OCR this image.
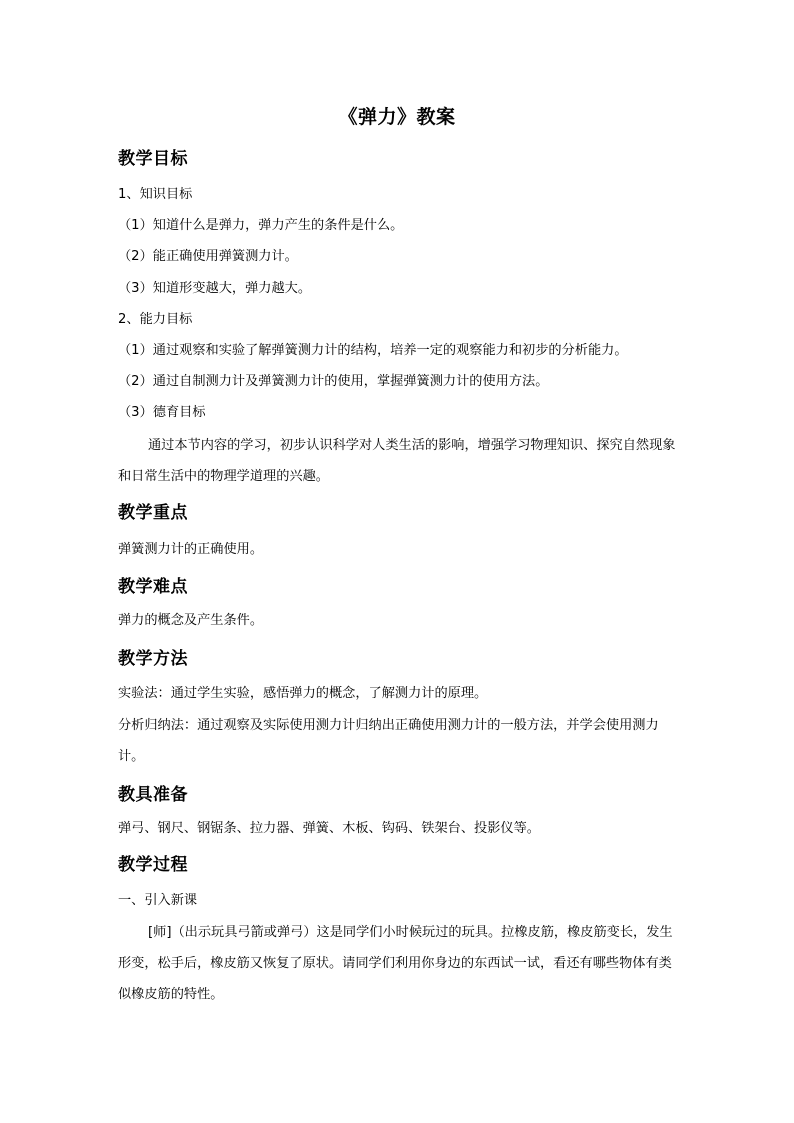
《弹力》教案
教学目标
1、知识目标
（1）知道什么是弹力，弹力产生的条件是什么。
（2）能正确使用弹簧测力计。
（3）知道形变越大，弹力越大。
2、能力目标
（1）通过观察和实验了解弹簧测力计的结构，培养一定的观察能力和初步的分析能力。
（2）通过自制测力计及弹簧测力计的使用，掌握弹簧测力计的使用方法。
（3）德育目标
通过本节内容的学习，初步认识科学对人类生活的影响，增强学习物理知识、探究自然现象和日常生活中的物理学道理的兴趣。
教学重点
弹簧测力计的正确使用。
教学难点
弹力的概念及产生条件。
教学方法
实验法：通过学生实验，感悟弹力的概念，了解测力计的原理。
分析归纳法：通过观察及实际使用测力计归纳出正确使用测力计的一般方法，并学会使用测力计。
教具准备
弹弓、钢尺、钢锯条、拉力器、弹簧、木板、钩码、铁架台、投影仪等。
教学过程
一、引入新课
[师]（出示玩具弓箭或弹弓）这是同学们小时候玩过的玩具。拉橡皮筋，橡皮筋变长，发生形变，松手后，橡皮筋又恢复了原状。请同学们利用你身边的东西试一试，看还有哪些物体有类似橡皮筋的特性。
